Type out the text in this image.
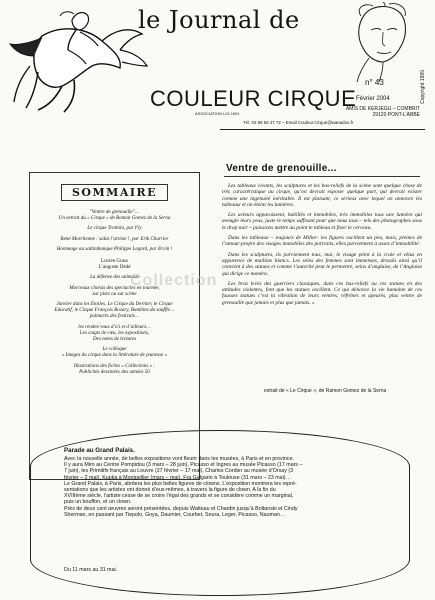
le Journal de
COULEUR CIRQUE
ASSOCIATION LOI 1901
n° 43
Février 2004
AMIS DE KERJEGU – COMBRIT
29120 PONT-L’ABBE
Tél. 02 98 56 47 72 – Email Couleur.Cirque@wanadoo.fr
Copyright 1995
SOMMAIRE
"Ventre de grenouille"…
Un extrait du « Cirque » de Ramon Gomez de la Serna
Le cirque Trottola, par Fly
René Morchenne : salut l’artiste !, par Erik Charrier
Hommage au saltimbanque Philippe Legard, par Ervin !
Lucien Grass
L’auguste Dédé
La défense des animaux
Morceaux choisis des spectacles en tournée,
sur piste ou sur scène
Janvier dans les Etoiles. Le Cirque du Dernier, le Cirque
Educatif, le Cirque François Rosary, Bambins du souffle…
palmarès des festivals…
les rendez-vous d’ici et d’ailleurs…
Les coups de cœu, les expositions,
Des notes de lectures
Le colloque
« Images du cirque dans la littérature de jeunesse »
Illustrations des fiches « Collections » :
Publicités dessinées des années 50
Ventre de grenouille...

Les tableaux vivants, les sculptures et les bas-reliefs de la scène sont quelque chose de très caractéristique au cirque, qu’on devrait exposer quelque part, qui devrait exister comme une ingénuité inévitable. Il est plaisant, ce sérieux avec lequel on annonce les tableaux et on éteint les lumières.

Les acteurs apparaissent, habillés et immobiles, très immobiles tous une lumière qui aveugle leurs yeux, juste le temps suffisant pour que nous tous – tels des photographes sous le drap noir – puissions mettre au point le tableau et fixer le cerveau.

Dans les tableaux – toujours de Millet– les figures oscillent un peu, mais, pleines de l’amour-propre des visages immobiles des portraits, elles parviennent à assez d’immobilité.

Dans les sculptures, ils parviennent tous, mai, le visage peint à la craie et vêtus en apparence de maillots blancs. Les seins des femmes sont immenses, dressés ainsi qu’il convient à des statues et comme l’autorité peut le permettre, seins d’anglaise, de l’Anglaise qui dirige ce numéro.

Les bras levés des guerriers classiques, dans ces bas-reliefs ou ces statues en des attitudes violentes, font que les statues oscillent. Ce qui dénonce la vie humaine de ces fausses statues c’est la vibration de leurs ventres, réfrénés et apeurés, plus ventre de grenouille que jamais et plus que jamais. »

extrait de « Le Cirque », de Ramon Gomez de la Serna
Collection
Parade au Grand Palais.
Avec la nouvelle année, de belles expositions vont fleurir dans les musées, à Paris et en province.
Il y aura Miro au Centre Pompidou (3 mars – 28 juin), Picasso et Ingres au musée Picasso (17 mars –
7 juin), les Primitifs français au Louvre (27 février – 17 mai), Charles Cordier au musée d’Orsay (3
février – 2 mai), Kupka à Montpellier (mars – mai), Fra Galgario à Toulouse (31 mars – 23 mai)…
Le Grand Palais, à Paris, abritera les plus belles figures de clowns. L’exposition montrera les repré-
sentations que les artistes ont donné d’eux-mêmes, à travers la figure de clown. A la fin du
XVIIIème siècle, l’artiste cesse de se croire l’égal des grands et se considère comme un marginal,
puis un bouffon, et un clown.
Près de deux cent œuvres seront présentées, depuis Watteau et Chardin jusqu’à Boltanski et Cindy
Sherman, en passant par Tiepolo, Goya, Daumier, Courbet, Seura, Leger, Picasso, Nauman…
Du 11 mars au 31 mai.
